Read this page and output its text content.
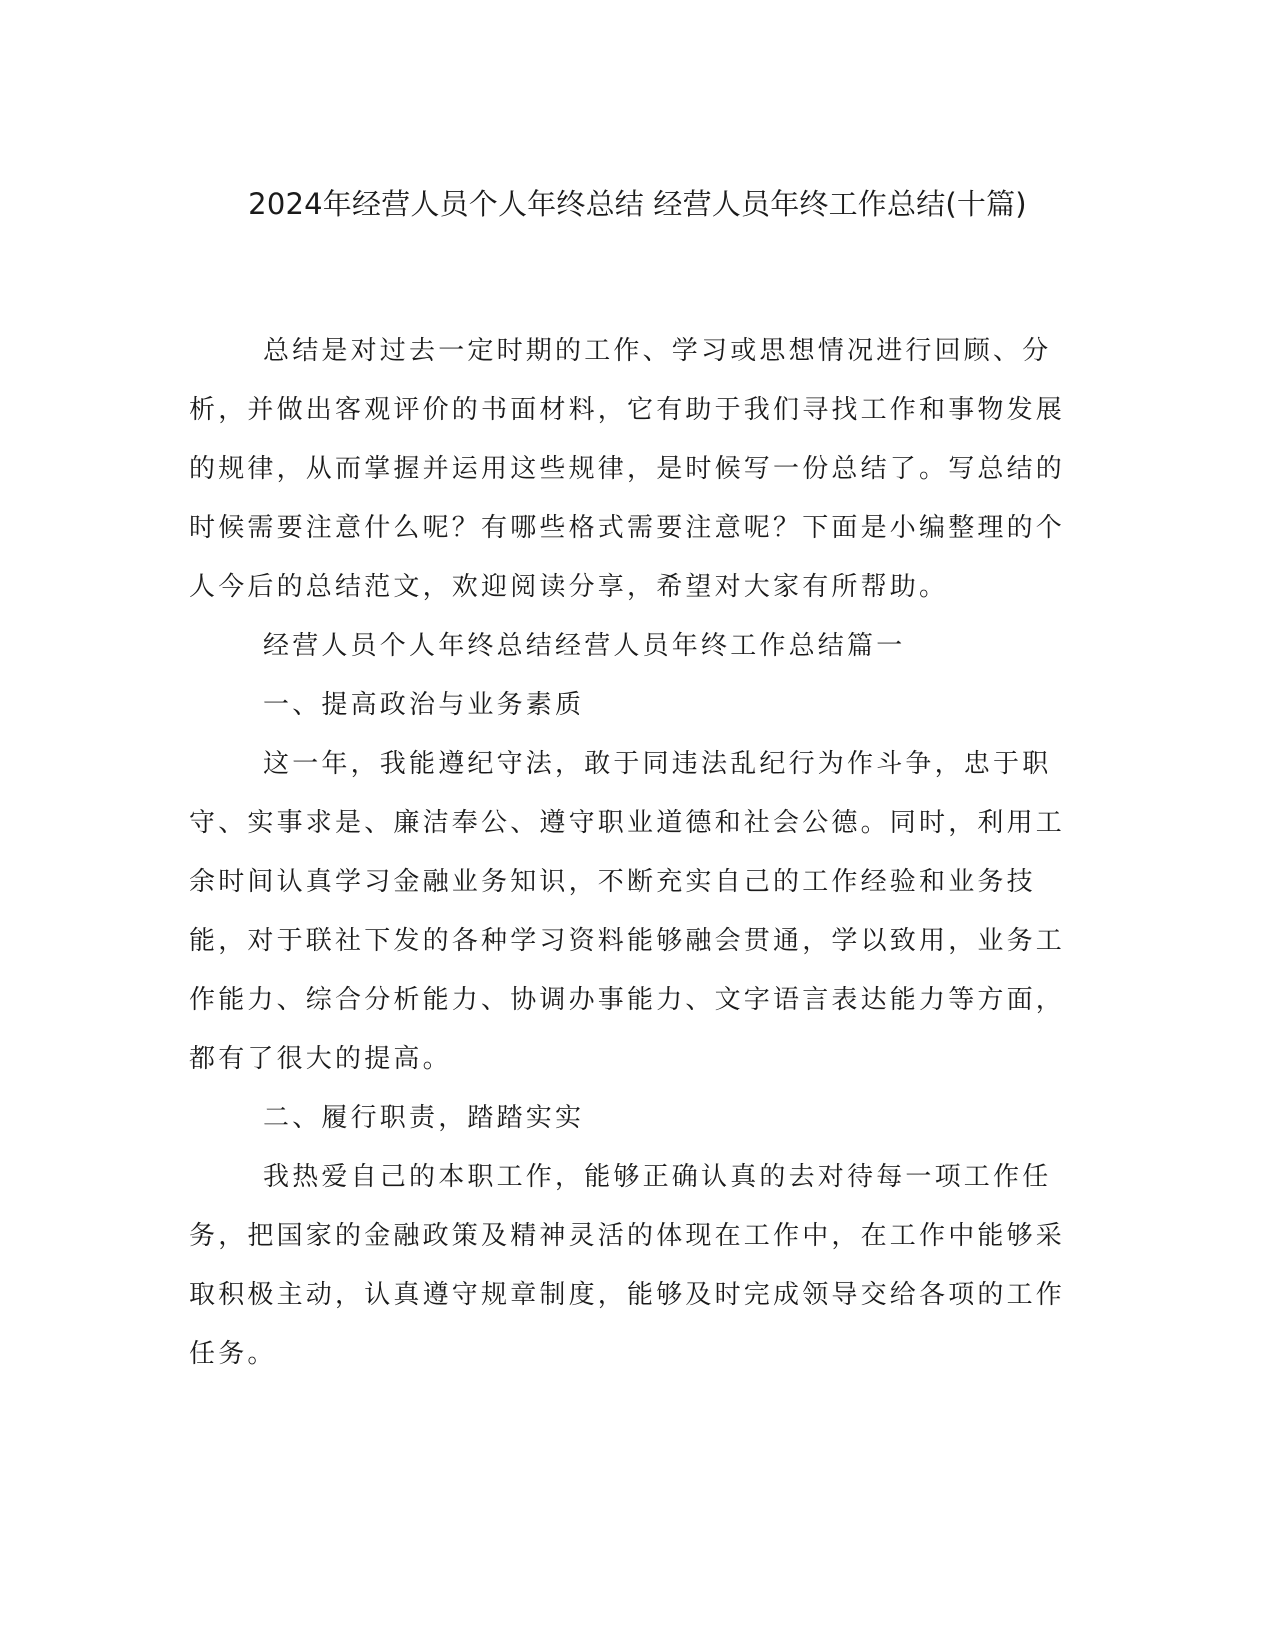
2024年经营人员个人年终总结 经营人员年终工作总结(十篇)

总结是对过去一定时期的工作、学习或思想情况进行回顾、分析，并做出客观评价的书面材料，它有助于我们寻找工作和事物发展的规律，从而掌握并运用这些规律，是时候写一份总结了。写总结的时候需要注意什么呢？有哪些格式需要注意呢？下面是小编整理的个人今后的总结范文，欢迎阅读分享，希望对大家有所帮助。

经营人员个人年终总结经营人员年终工作总结篇一

一、提高政治与业务素质

这一年，我能遵纪守法，敢于同违法乱纪行为作斗争，忠于职守、实事求是、廉洁奉公、遵守职业道德和社会公德。同时，利用工余时间认真学习金融业务知识，不断充实自己的工作经验和业务技能，对于联社下发的各种学习资料能够融会贯通，学以致用，业务工作能力、综合分析能力、协调办事能力、文字语言表达能力等方面，都有了很大的提高。

二、履行职责，踏踏实实

我热爱自己的本职工作，能够正确认真的去对待每一项工作任务，把国家的金融政策及精神灵活的体现在工作中，在工作中能够采取积极主动，认真遵守规章制度，能够及时完成领导交给各项的工作任务。
